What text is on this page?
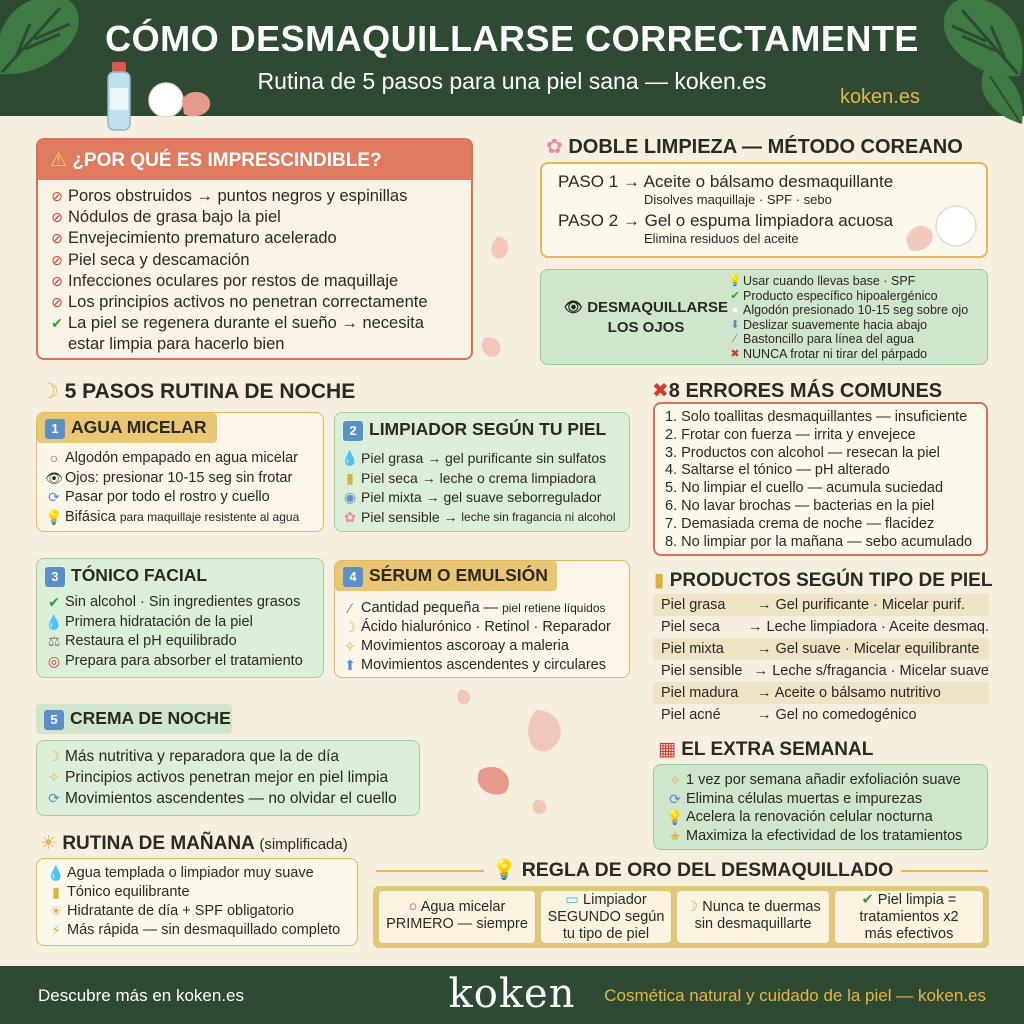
CÓMO DESMAQUILLARSE CORRECTAMENTE
Rutina de 5 pasos para una piel sana — koken.es
koken.es
⚠ ¿POR QUÉ ES IMPRESCINDIBLE?
⊘ Poros obstruidos → puntos negros y espinillas
⊘ Nódulos de grasa bajo la piel
⊘ Envejecimiento prematuro acelerado
⊘ Piel seca y descamación
⊘ Infecciones oculares por restos de maquillaje
⊘ Los principios activos no penetran correctamente
✔ La piel se regenera durante el sueño → necesita
estar limpia para hacerlo bien
✿ DOBLE LIMPIEZA — MÉTODO COREANO
PASO 1 → Aceite o bálsamo desmaquillante
Disolves maquillaje · SPF · sebo
PASO 2 → Gel o espuma limpiadora acuosa
Elimina residuos del aceite
👁 DESMAQUILLARSE
LOS OJOS
💡 Usar cuando llevas base · SPF
✔ Producto específico hipoalergénico
● Algodón presionado 10-15 seg sobre ojo
⬇ Deslizar suavemente hacia abajo
⁄ Bastoncillo para línea del agua
✖ NUNCA frotar ni tirar del párpado
☽ 5 PASOS RUTINA DE NOCHE
1 AGUA MICELAR
○ Algodón empapado en agua micelar
👁 Ojos: presionar 10-15 seg sin frotar
⟳ Pasar por todo el rostro y cuello
💡 Bifásica
para maquillaje resistente al agua
2 LIMPIADOR SEGÚN TU PIEL
💧 Piel grasa → gel purificante sin sulfatos
▮ Piel seca → leche o crema limpiadora
◉ Piel mixta → gel suave seborregulador
✿ Piel sensible →
leche sin fragancia ni alcohol
3 TÓNICO FACIAL
✔ Sin alcohol · Sin ingredientes grasos
💧 Primera hidratación de la piel
⚖ Restaura el pH equilibrado
◎ Prepara para absorber el tratamiento
4 SÉRUM O EMULSIÓN
⁄ Cantidad pequeña —
piel retiene líquidos
☽ Ácido hialurónico · Retinol · Reparador
✧ Movimientos ascoroay a maleria
⬆ Movimientos ascendentes y circulares
5 CREMA DE NOCHE
☽ Más nutritiva y reparadora que la de día
✧ Principios activos penetran mejor en piel limpia
⟳ Movimientos ascendentes — no olvidar el cuello
✖8 ERRORES MÁS COMUNES
1. Solo toallitas desmaquillantes — insuficiente
2. Frotar con fuerza — irrita y envejece
3. Productos con alcohol — resecan la piel
4. Saltarse el tónico — pH alterado
5. No limpiar el cuello — acumula suciedad
6. No lavar brochas — bacterias en la piel
7. Demasiada crema de noche — flacidez
8. No limpiar por la mañana — sebo acumulado
▮ PRODUCTOS SEGÚN TIPO DE PIEL
Piel grasa	→ Gel purificante · Micelar purif.
Piel seca	→ Leche limpiadora · Aceite desmaq.
Piel mixta	→ Gel suave · Micelar equilibrante
Piel sensible → Leche s/fragancia · Micelar suave
Piel madura	→ Aceite o bálsamo nutritivo
Piel acné	→ Gel no comedogénico
▦ EL EXTRA SEMANAL
✧ 1 vez por semana añadir exfoliación suave
⟳ Elimina células muertas e impurezas
💡 Acelera la renovación celular nocturna
★ Maximiza la efectividad de los tratamientos
☀ RUTINA DE MAÑANA (simplificada)
💧 Agua templada o limpiador muy suave
▮ Tónico equilibrante
☀ Hidratante de día + SPF obligatorio
⚡ Más rápida — sin desmaquillado completo
💡 REGLA DE ORO DEL DESMAQUILLADO
○ Agua micelar
PRIMERO — siempre
▭ Limpiador
SEGUNDO según
tu tipo de piel
☽ Nunca te duermas
sin desmaquillarte
✔ Piel limpia =
tratamientos x2
más efectivos
Descubre más en koken.es	koken	Cosmética natural y cuidado de la piel — koken.es
